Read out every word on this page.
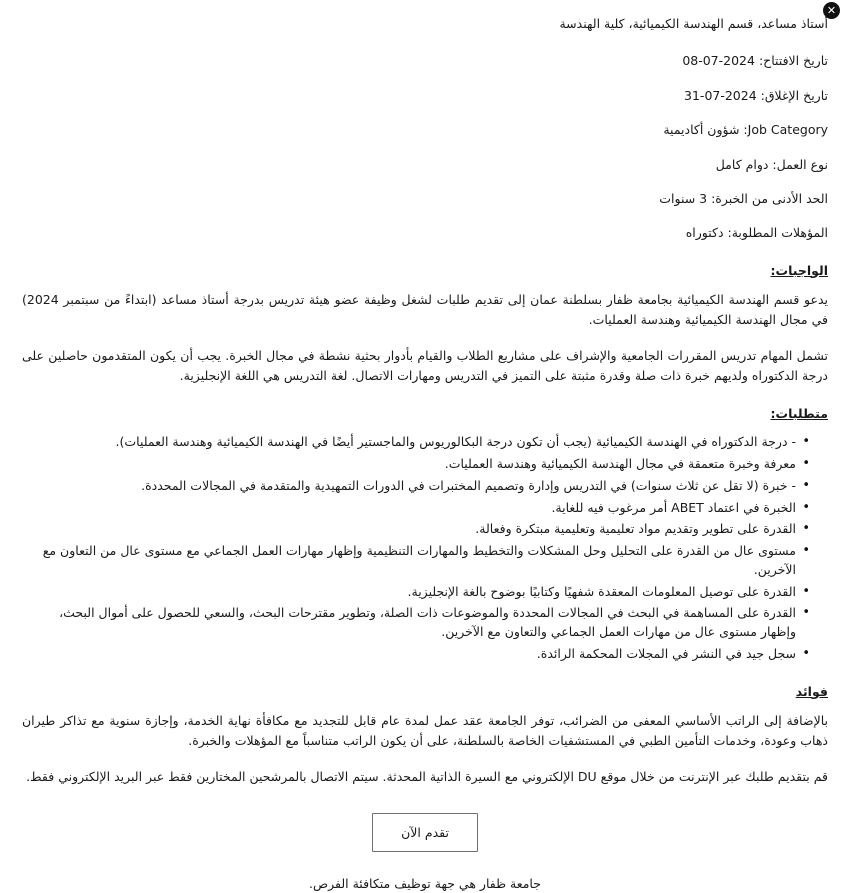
✕
أستاذ مساعد، قسم الهندسة الكيميائية، كلية الهندسة
تاريخ الافتتاح: 2024-07-08
تاريخ الإغلاق: 2024-07-31
Job Category: شؤون أكاديمية
نوع العمل: دوام كامل
الحد الأدنى من الخبرة: 3 سنوات
المؤهلات المطلوبة: دكتوراه
الواجبات:
يدعو قسم الهندسة الكيميائية بجامعة ظفار بسلطنة عمان إلى تقديم طلبات لشغل وظيفة عضو هيئة تدريس بدرجة أستاذ مساعد (ابتداءً من سبتمبر 2024) في مجال الهندسة الكيميائية وهندسة العمليات.
تشمل المهام تدريس المقررات الجامعية والإشراف على مشاريع الطلاب والقيام بأدوار بحثية نشطة في مجال الخبرة. يجب أن يكون المتقدمون حاصلين على درجة الدكتوراه ولديهم خبرة ذات صلة وقدرة مثبتة على التميز في التدريس ومهارات الاتصال. لغة التدريس هي اللغة الإنجليزية.
متطلبات:
• - درجة الدكتوراه في الهندسة الكيميائية (يجب أن تكون درجة البكالوريوس والماجستير أيضًا في الهندسة الكيميائية وهندسة العمليات).
• معرفة وخبرة متعمقة في مجال الهندسة الكيميائية وهندسة العمليات.
• - خبرة (لا تقل عن ثلاث سنوات) في التدريس وإدارة وتصميم المختبرات في الدورات التمهيدية والمتقدمة في المجالات المحددة.
• الخبرة في اعتماد ABET أمر مرغوب فيه للغاية.
• القدرة على تطوير وتقديم مواد تعليمية وتعليمية مبتكرة وفعالة.
• مستوى عال من القدرة على التحليل وحل المشكلات والتخطيط والمهارات التنظيمية وإظهار مهارات العمل الجماعي مع مستوى عال من التعاون مع الآخرين.
• القدرة على توصيل المعلومات المعقدة شفهيًا وكتابيًا بوضوح بالغة الإنجليزية.
• القدرة على المساهمة في البحث في المجالات المحددة والموضوعات ذات الصلة، وتطوير مقترحات البحث، والسعي للحصول على أموال البحث، وإظهار مستوى عال من مهارات العمل الجماعي والتعاون مع الآخرين.
• سجل جيد في النشر في المجلات المحكمة الرائدة.
فوائد
بالإضافة إلى الراتب الأساسي المعفى من الضرائب، توفر الجامعة عقد عمل لمدة عام قابل للتجديد مع مكافأة نهاية الخدمة، وإجازة سنوية مع تذاكر طيران ذهاب وعودة، وخدمات التأمين الطبي في المستشفيات الخاصة بالسلطنة، على أن يكون الراتب متناسباً مع المؤهلات والخبرة.
قم بتقديم طلبك عبر الإنترنت من خلال موقع DU الإلكتروني مع السيرة الذاتية المحدثة. سيتم الاتصال بالمرشحين المختارين فقط عبر البريد الإلكتروني فقط.
تقدم الآن
جامعة ظفار هي جهة توظيف متكافئة الفرص.
